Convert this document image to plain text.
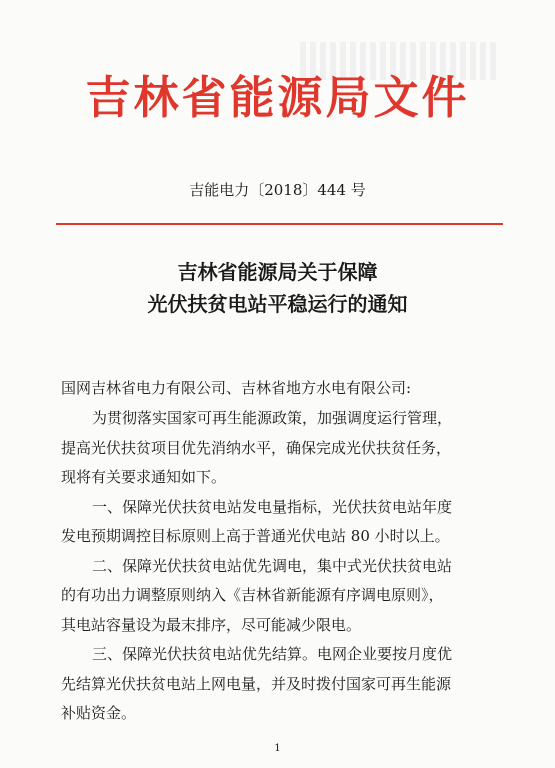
吉林省能源局文件
吉能电力〔2018〕444 号
吉林省能源局关于保障
光伏扶贫电站平稳运行的通知
国网吉林省电力有限公司、吉林省地方水电有限公司:
为贯彻落实国家可再生能源政策，加强调度运行管理，
提高光伏扶贫项目优先消纳水平，确保完成光伏扶贫任务，
现将有关要求通知如下。
一、保障光伏扶贫电站发电量指标，光伏扶贫电站年度
发电预期调控目标原则上高于普通光伏电站 80 小时以上。
二、保障光伏扶贫电站优先调电，集中式光伏扶贫电站
的有功出力调整原则纳入《吉林省新能源有序调电原则》，
其电站容量设为最末排序，尽可能减少限电。
三、保障光伏扶贫电站优先结算。电网企业要按月度优
先结算光伏扶贫电站上网电量，并及时拨付国家可再生能源
补贴资金。
1
